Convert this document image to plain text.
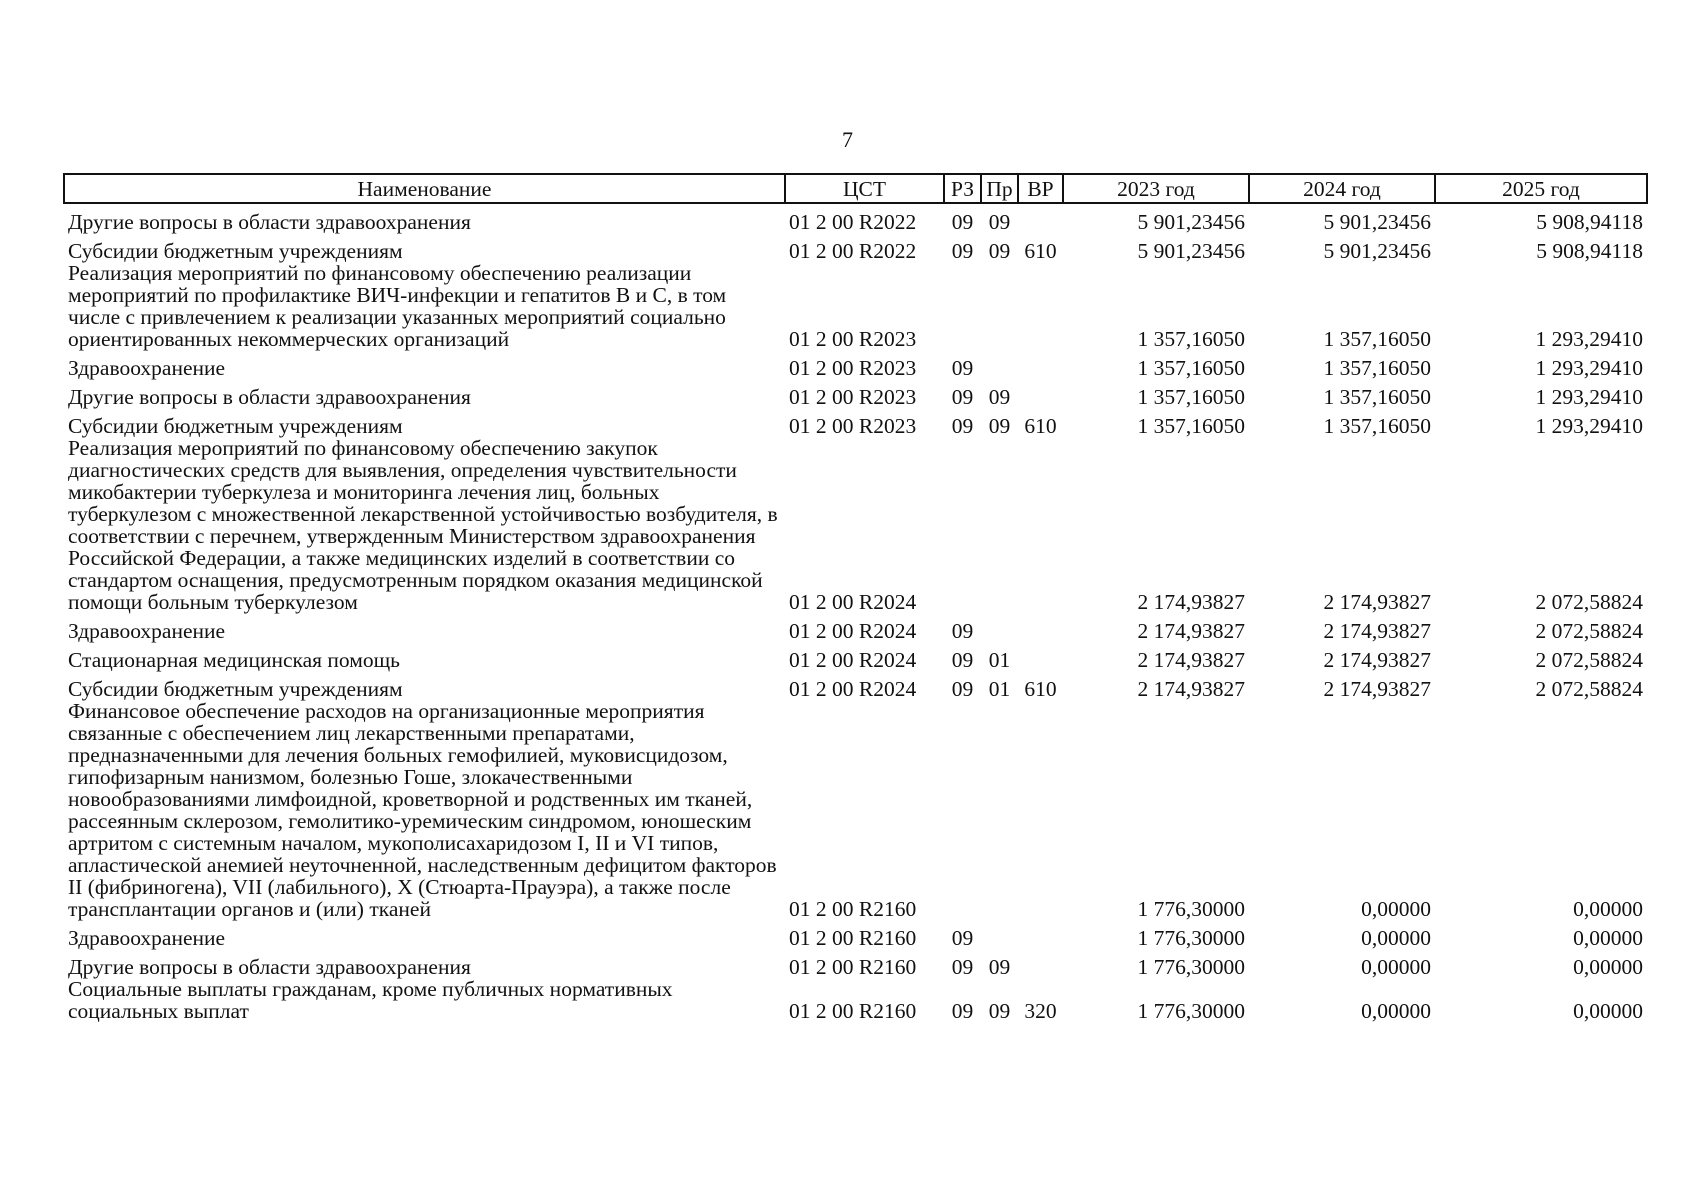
7
Наименование	ЦСТ	РЗ	Пр	ВР	2023 год	2024 год	2025 год
Другие вопросы в области здравоохранения	01 2 00 R2022	09	09		5 901,23456	5 901,23456	5 908,94118
Субсидии бюджетным учреждениям	01 2 00 R2022	09	09	610	5 901,23456	5 901,23456	5 908,94118
Реализация мероприятий по финансовому обеспечению реализации мероприятий по профилактике ВИЧ-инфекции и гепатитов В и С, в том числе с привлечением к реализации указанных мероприятий социально ориентированных некоммерческих организаций	01 2 00 R2023				1 357,16050	1 357,16050	1 293,29410
Здравоохранение	01 2 00 R2023	09			1 357,16050	1 357,16050	1 293,29410
Другие вопросы в области здравоохранения	01 2 00 R2023	09	09		1 357,16050	1 357,16050	1 293,29410
Субсидии бюджетным учреждениям	01 2 00 R2023	09	09	610	1 357,16050	1 357,16050	1 293,29410
Реализация мероприятий по финансовому обеспечению закупок диагностических средств для выявления, определения чувствительности микобактерии туберкулеза и мониторинга лечения лиц, больных туберкулезом с множественной лекарственной устойчивостью возбудителя, в соответствии с перечнем, утвержденным Министерством здравоохранения Российской Федерации, а также медицинских изделий в соответствии со стандартом оснащения, предусмотренным порядком оказания медицинской помощи больным туберкулезом	01 2 00 R2024				2 174,93827	2 174,93827	2 072,58824
Здравоохранение	01 2 00 R2024	09			2 174,93827	2 174,93827	2 072,58824
Стационарная медицинская помощь	01 2 00 R2024	09	01		2 174,93827	2 174,93827	2 072,58824
Субсидии бюджетным учреждениям	01 2 00 R2024	09	01	610	2 174,93827	2 174,93827	2 072,58824
Финансовое обеспечение расходов на организационные мероприятия связанные с обеспечением лиц лекарственными препаратами, предназначенными для лечения больных гемофилией, муковисцидозом, гипофизарным нанизмом, болезнью Гоше, злокачественными новообразованиями лимфоидной, кроветворной и родственных им тканей, рассеянным склерозом, гемолитико-уремическим синдромом, юношеским артритом с системным началом, мукополисахаридозом I, II и VI типов, апластической анемией неуточненной, наследственным дефицитом факторов II (фибриногена), VII (лабильного), X (Стюарта-Прауэра), а также после трансплантации органов и (или) тканей	01 2 00 R2160				1 776,30000	0,00000	0,00000
Здравоохранение	01 2 00 R2160	09			1 776,30000	0,00000	0,00000
Другие вопросы в области здравоохранения	01 2 00 R2160	09	09		1 776,30000	0,00000	0,00000
Социальные выплаты гражданам, кроме публичных нормативных социальных выплат	01 2 00 R2160	09	09	320	1 776,30000	0,00000	0,00000
